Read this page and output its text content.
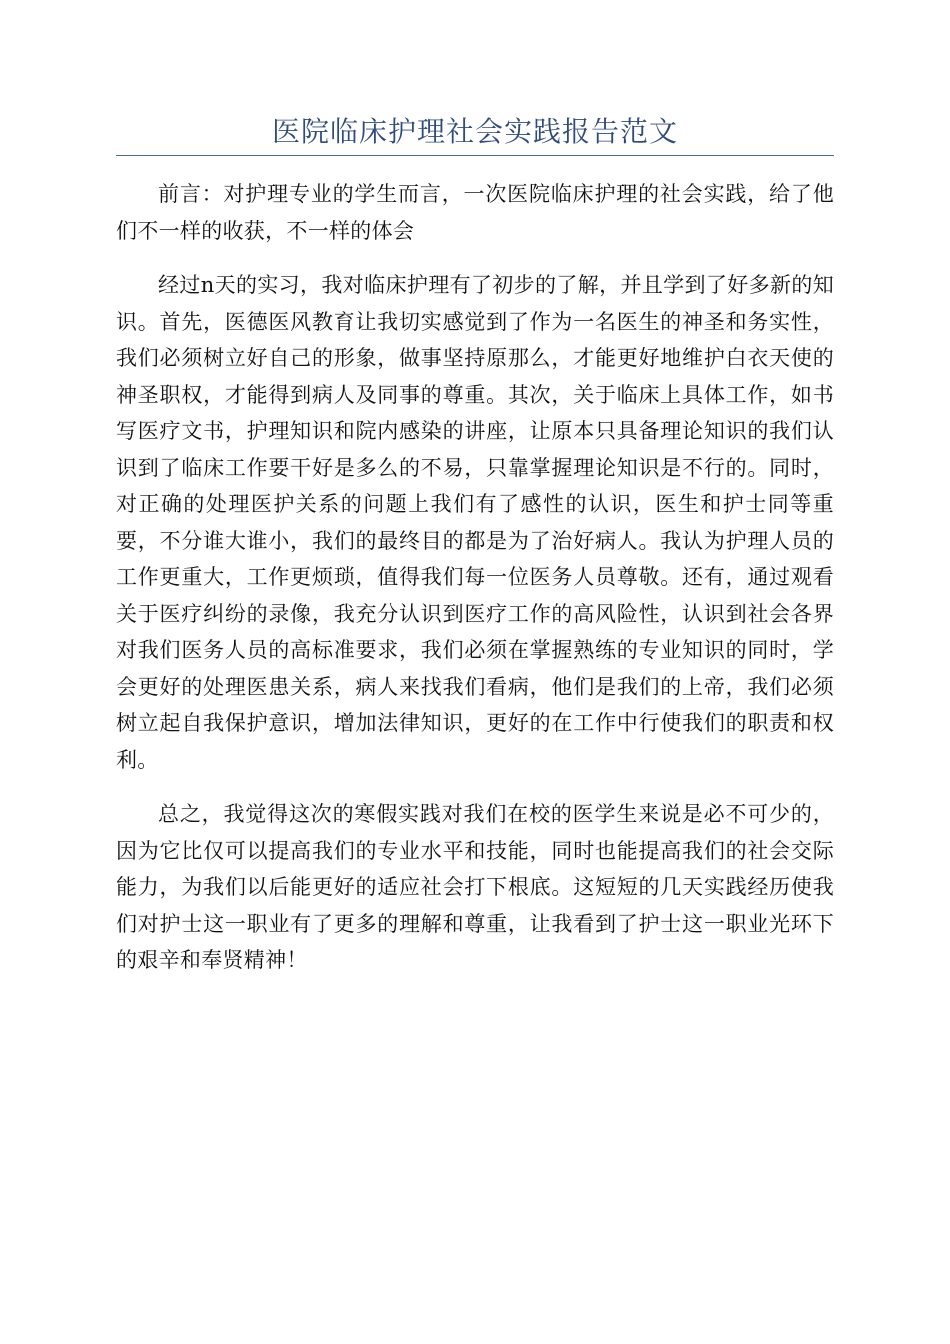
医院临床护理社会实践报告范文

前言：对护理专业的学生而言，一次医院临床护理的社会实践，给了他们不一样的收获，不一样的体会

经过n天的实习，我对临床护理有了初步的了解，并且学到了好多新的知识。首先，医德医风教育让我切实感觉到了作为一名医生的神圣和务实性，我们必须树立好自己的形象，做事坚持原那么，才能更好地维护白衣天使的神圣职权，才能得到病人及同事的尊重。其次，关于临床上具体工作，如书写医疗文书，护理知识和院内感染的讲座，让原本只具备理论知识的我们认识到了临床工作要干好是多么的不易，只靠掌握理论知识是不行的。同时，对正确的处理医护关系的问题上我们有了感性的认识，医生和护士同等重要，不分谁大谁小，我们的最终目的都是为了治好病人。我认为护理人员的工作更重大，工作更烦琐，值得我们每一位医务人员尊敬。还有，通过观看关于医疗纠纷的录像，我充分认识到医疗工作的高风险性，认识到社会各界对我们医务人员的高标准要求，我们必须在掌握熟练的专业知识的同时，学会更好的处理医患关系，病人来找我们看病，他们是我们的上帝，我们必须树立起自我保护意识，增加法律知识，更好的在工作中行使我们的职责和权利。

总之，我觉得这次的寒假实践对我们在校的医学生来说是必不可少的，因为它比仅可以提高我们的专业水平和技能，同时也能提高我们的社会交际能力，为我们以后能更好的适应社会打下根底。这短短的几天实践经历使我们对护士这一职业有了更多的理解和尊重，让我看到了护士这一职业光环下的艰辛和奉贤精神！
